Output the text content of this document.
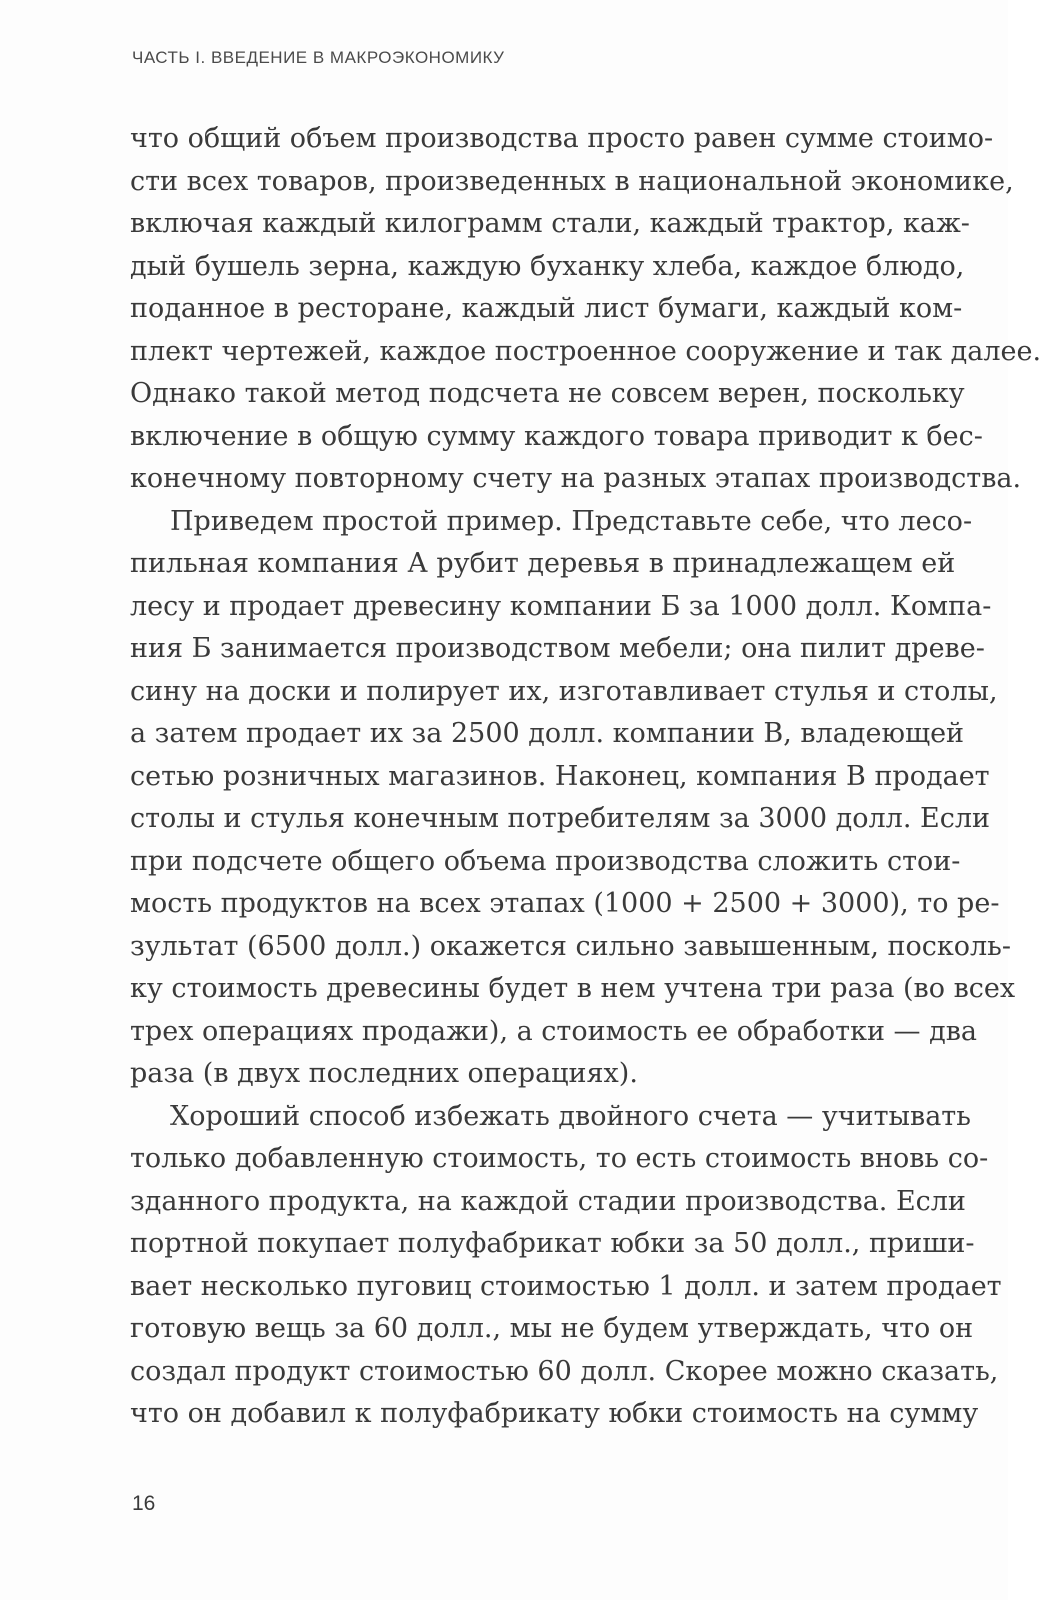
ЧАСТЬ I. ВВЕДЕНИЕ В МАКРОЭКОНОМИКУ
что общий объем производства просто равен сумме стоимо-
сти всех товаров, произведенных в национальной экономике,
включая каждый килограмм стали, каждый трактор, каж-
дый бушель зерна, каждую буханку хлеба, каждое блюдо,
поданное в ресторане, каждый лист бумаги, каждый ком-
плект чертежей, каждое построенное сооружение и так далее.
Однако такой метод подсчета не совсем верен, поскольку
включение в общую сумму каждого товара приводит к бес-
конечному повторному счету на разных этапах производства.
Приведем простой пример. Представьте себе, что лесо-
пильная компания А рубит деревья в принадлежащем ей
лесу и продает древесину компании Б за 1000 долл. Компа-
ния Б занимается производством мебели; она пилит древе-
сину на доски и полирует их, изготавливает стулья и столы,
а затем продает их за 2500 долл. компании В, владеющей
сетью розничных магазинов. Наконец, компания В продает
столы и стулья конечным потребителям за 3000 долл. Если
при подсчете общего объема производства сложить стои-
мость продуктов на всех этапах (1000 + 2500 + 3000), то ре-
зультат (6500 долл.) окажется сильно завышенным, посколь-
ку стоимость древесины будет в нем учтена три раза (во всех
трех операциях продажи), а стоимость ее обработки — два
раза (в двух последних операциях).
Хороший способ избежать двойного счета — учитывать
только добавленную стоимость, то есть стоимость вновь со-
зданного продукта, на каждой стадии производства. Если
портной покупает полуфабрикат юбки за 50 долл., приши-
вает несколько пуговиц стоимостью 1 долл. и затем продает
готовую вещь за 60 долл., мы не будем утверждать, что он
создал продукт стоимостью 60 долл. Скорее можно сказать,
что он добавил к полуфабрикату юбки стоимость на сумму
16
